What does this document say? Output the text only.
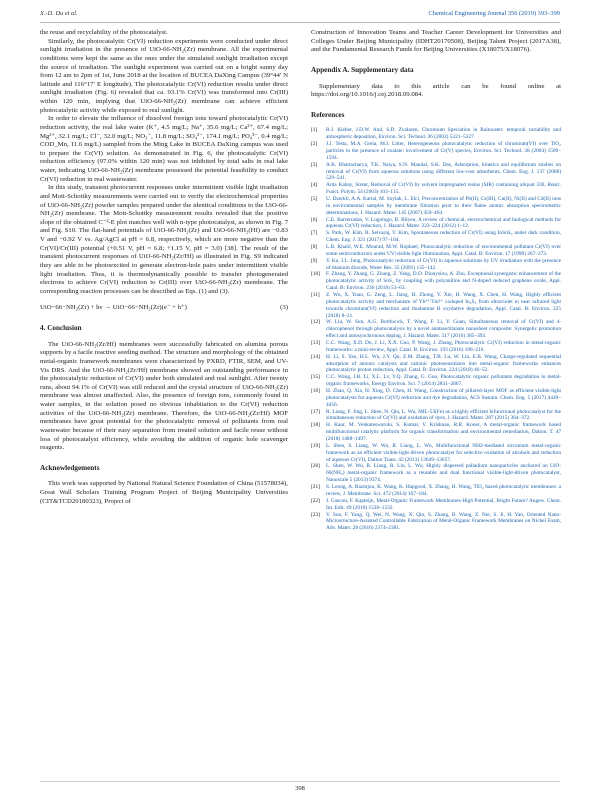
X.-D. Du et al.	Chemical Engineering Journal 356 (2019) 393–399

the reuse and recyclability of the photocatalyst.

Similarly, the photocatalytic Cr(VI) reduction experiments were conducted under direct sunlight irradiation in the presence of UiO-66-NH₂(Zr) membrane. All the experimental conditions were kept the same as the ones under the simulated sunlight irradiation except the source of irradiation. The sunlight experiment was carried out on a bright sunny day from 12 am to 2pm of 1st, June 2018 at the location of BUCEA DaXing Campus (39°44′ N latitude and 116°17′ E longitude). The photocatalytic Cr(VI) reduction results under direct sunlight irradiation (Fig. 6) revealed that ca. 93.1% Cr(VI) was transformed into Cr(III) within 120 min, implying that UiO-66-NH₂(Zr) membrane can achieve efficient photocatalytic activity while exposed to real sunlight.

In order to elevate the influence of dissolved foreign ions toward photocatalytic Cr(VI) reduction activity, the real lake water (K⁺, 4.5 mg/L; Na⁺, 35.6 mg/L; Ca²⁺, 67.4 mg/L; Mg²⁺, 32.1 mg/L; Cl⁻, 32.0 mg/L; NO₃⁻, 11.8 mg/L; SO₄²⁻, 174.1 mg/L; PO₄³⁻, 0.4 mg/L; COD_Mn, 11.6 mg/L) sampled from the Ming Lake in BUCEA DaXing campus was used to prepare the Cr(VI) solution. As demonstrated in Fig. 6, the photocatalytic Cr(VI) reduction efficiency (97.0% within 120 min) was not inhibited by total salts in real lake water, indicating UiO-66-NH₂(Zr) membrane possessed the potential feasibility to conduct Cr(VI) reduction in real wastewater.

In this study, transient photocurrent responses under intermittent visible light irradiation and Mott-Schottky measurements were carried out to verify the electrochemical properties of UiO-66-NH₂(Zr) powder samples prepared under the identical conditions to the UiO-66-NH₂(Zr) membrane. The Mott-Schottky measurement results revealed that the positive slope of the obtained C⁻²-E plot matches well with n-type photocatalyst, as shown in Fig. 7 and Fig. S10. The flat-band potentials of UiO-66-NH₂(Zr) and UiO-66-NH₂(Hf) are −0.83 V and −0.92 V vs. Ag/AgCl at pH = 6.8, respectively, which are more negative than the Cr(VI)/Cr(III) potential (+0.51 V, pH = 6.8; +1.15 V, pH = 3.0) [38]. The result of the transient photocurrent responses of UiO-66-NH₂(Zr/Hf) as illustrated in Fig. S9 indicated they are able to be photoexcited to generate electron-hole pairs under intermittent visible light irradiation. Thus, it is thermodynamically possible to transfer photogenerated electrons to achieve Cr(VI) reduction to Cr(III) over UiO-66-NH₂(Zr) membrane. The corresponding reaction processes can be described as Eqs. (1) and (3).

UiO−66−NH₂(Zr) + hν → UiO−66−NH₂(Zr)(e⁻ + h⁺)	(3)
4. Conclusion

The UiO-66-NH₂(Zr/Hf) membranes were successfully fabricated on alumina porous supports by a facile reactive seeding method. The structure and morphology of the obtained metal-organic framework membranes were characterized by PXRD, FTIR, SEM, and UV-Vis DRS. And the UiO-66-NH₂(Zr/Hf) membrane showed an outstanding performance in the photocatalytic reduction of Cr(VI) under both simulated and real sunlight. After twenty runs, about 94.1% of Cr(VI) was still reduced and the crystal structure of UiO-66-NH₂(Zr) membrane was almost unaffected. Also, the presence of foreign ions, commonly found in water samples, in the solution posed no obvious inhabitation to the Cr(VI) reduction activities of the UiO-66-NH₂(Zr) membrane. Therefore, the UiO-66-NH₂(Zr/Hf) MOF membranes have great potential for the photocatalytic removal of pollutants from real wastewater because of their easy separation from treated solution and facile reuse without loss of photocatalyst efficiency, while avoiding the addition of organic hole scavenger reagents.

Acknowledgements

This work was supported by National Natural Science Foundation of China (51578034), Great Wall Scholars Training Program Project of Beijing Municipality Universities (CIT&TCD20180323), Project of

Construction of Innovation Teams and Teacher Career Development for Universities and Colleges Under Beijing Municipality (IDHT20170508), Beijing Talent Project (2017A38), and the Fundamental Research Funds for Beijing Universities (X18075/X18076).

Appendix A. Supplementary data

Supplementary data to this article can be found online at https://doi.org/10.1016/j.cej.2018.09.084.

References
[1]	R.J. Kieber, J.D.W. And, S.D. Zvalaren, Chromium Speciation in Rainwater: temporal variability and atmospheric deposition, Environ. Sci. Technol. 36 (2002) 5321–5327.
[2]	J.J. Testa, M.A. Grela, M.I. Litter, Heterogeneous photocatalytic reduction of chromium(VI) over TiO₂ particles in the presence of oxalate: involvement of Cr(V) species, Environ. Sci. Technol. 38 (2004) 1589–1594.
[3]	A.K. Bhattacharya, T.K. Naiya, S.N. Mandal, S.K. Das, Adsorption, kinetics and equilibrium studies on removal of Cr(VI) from aqueous solutions using different low-cost adsorbents, Chem. Eng. J. 137 (2008) 529–541.
[4]	Arda Kabay, Streat, Removal of Cr(VI) by solvent impregnated resins (SIR) containing aliquat 336, React. Funct. Polym. 54 (2003) 103–115.
[5]	U. Dzerkli, A.A. Kartal, M. Soylak, L. Elci, Preconcentration of Pb(II), Cr(III), Cu(II), Ni(II) and Cd(II) ions in environmental samples by membrane filtration prior to their flame atomic absorption spectrometric determinations, J. Hazard. Mater. 145 (2007) 459–464.
[6]	C.E. Barrerradas, V. Lugolugo, B. Bilyeu, A review of chemical, electrochemical and biological methods for aqueous Cr(VI) reduction, J. Hazard. Mater. 223–224 (2012) 1–12.
[7]	S. Park, W. Kim, R. Selvaraj, Y. Kim, Spontaneous reduction of Cr(VI) using InSnS₂ under dark condition, Chem. Eng. J. 321 (2017) 97–104.
[8]	L.B. Khalil, W.E. Mourad, M.W. Rophael, Photocatalytic reduction of environmental pollutant Cr(VI) over some semiconductors under UV/visible light illumination, Appl. Catal. B: Environ. 17 (1998) 267–273.
[9]	Y. Ku, I.L. Jung, Photocatalytic reduction of Cr(VI) in aqueous solutions by UV irradiation with the presence of titanium dioxide, Water Res. 35 (2001) 135–142.
[10]	F. Zhang, Y. Zhang, G. Zhang, Z. Yang, D.D. Dionysiou, A. Zhu, Exceptional synergistic enhancement of the photocatalytic activity of SnS₂ by coupling with polyaniline and N-doped reduced graphene oxide, Appl. Catal. B: Environ. 236 (2018) 53–63.
[11]	Z. Wu, X. Yuan, G. Zeng, L. Jiang, H. Zhong, Y. Xie, H. Wang, X. Chen, H. Wang, Highly efficient photocatalytic activity and mechanism of Yb³⁺/Tm³⁺ codoped In₂S₃ from ultraviolet to near infrared light towards chromium(VI) reduction and rhodamine B oxydative degradation, Appl. Catal. B: Environ. 225 (2018) 8–21.
[12]	W. Liu, W. Sun, A.G. Borthwick, T. Wang, F. Li, Y. Guan, Simultaneous removal of Cr(VI) and 4-chlorophenol through photocatalysis by a novel anatase/titanate nanosheet composite: Synergetic promotion effect and autosynchronous doping, J. Hazard. Mater. 317 (2016) 385–393.
[13]	C.C. Wang, X.D. Du, J. Li, X.X. Guo, P. Wang, J. Zhang, Photocatalytic Cr(VI) reduction in metal-organic frameworks: a mini-review, Appl. Catal. B: Environ. 193 (2016) 198–216.
[14]	H. Li, S. Yao, H.L. Wu, J.Y. Qu, Z.M. Zhang, T.B. Lu, W. Lin, E.B. Wang, Charge-regulated sequential adsorption of anionic catalysts and cationic photosensitizers into metal-organic frameworks enhances photocatalytic proton reduction, Appl. Catal. B: Environ. 224 (2018) 46–52.
[15]	C.C. Wang, J.R. Li, X.L. Lv, Y.Q. Zhang, G. Guo, Photocatalytic organic pollutants degradation in metal-organic frameworks, Energy Environ. Sci. 7 (2014) 2831–2867.
[16]	H. Zhao, Q. Xia, H. Xing, D. Chen, H. Wang, Construction of pillared-layer MOF as efficient visible-light photocatalysts for aqueous Cr(VI) reduction and dye degradation, ACS Sustain. Chem. Eng. 5 (2017) 4449–4456.
[17]	R. Liang, F. Jing, L. Shen, N. Qin, L. Wu, MIL-53(Fe) as a highly efficient bifunctional photocatalyst for the simultaneous reduction of Cr(VI) and oxidation of dyes, J. Hazard. Mater. 287 (2015) 364–372.
[18]	H. Kaur, M. Venkateswarulu, S. Kumar, V. Krishnan, R.R. Koner, A metal-organic framework based multifunctional catalytic platform for organic transformation and environmental remediation, Dalton. T. 47 (2018) 1488–1497.
[19]	L. Shen, S. Liang, W. Wu, R. Liang, L. Wu, Multifunctional NH2-mediated zirconium metal-organic framework as an efficient visible-light-driven photocatalyst for selective oxidation of alcohols and reduction of aqueous Cr(VI), Dalton Trans. 42 (2013) 13649–13657.
[20]	L. Shen, W. Wu, R. Liang, R. Lin, L. Wu, Highly dispersed palladium nanoparticles anchored on UiO-66(NH₂) metal-organic framework as a reusable and dual functional visible-light-driven photocatalyst, Nanoscale 5 (2013) 9374.
[21]	S. Leong, A. Razmjou, K. Wang, K. Hapgood, X. Zhang, H. Wang, TiO₂ based photocatalytic membranes: a review, J. Membrane. Sci. 472 (2014) 167–184.
[22]	J. Gascon, F. Kapteijn, Metal-Organic Framework Membranes-High Potential, Bright Future? Angew. Chem. Int. Edit. 49 (2010) 1530–1532.
[23]	Y. Sun, F. Yang, Q. Wei, N. Wang, X. Qin, S. Zhang, B. Wang, Z. Nie, S. Ji, H. Yan, Oriented Nano-Microstructure-Assisted Controllable Fabrication of Metal-Organic Framework Membranes on Nickel Foam, Adv. Mater. 28 (2016) 2374–2381.
398
